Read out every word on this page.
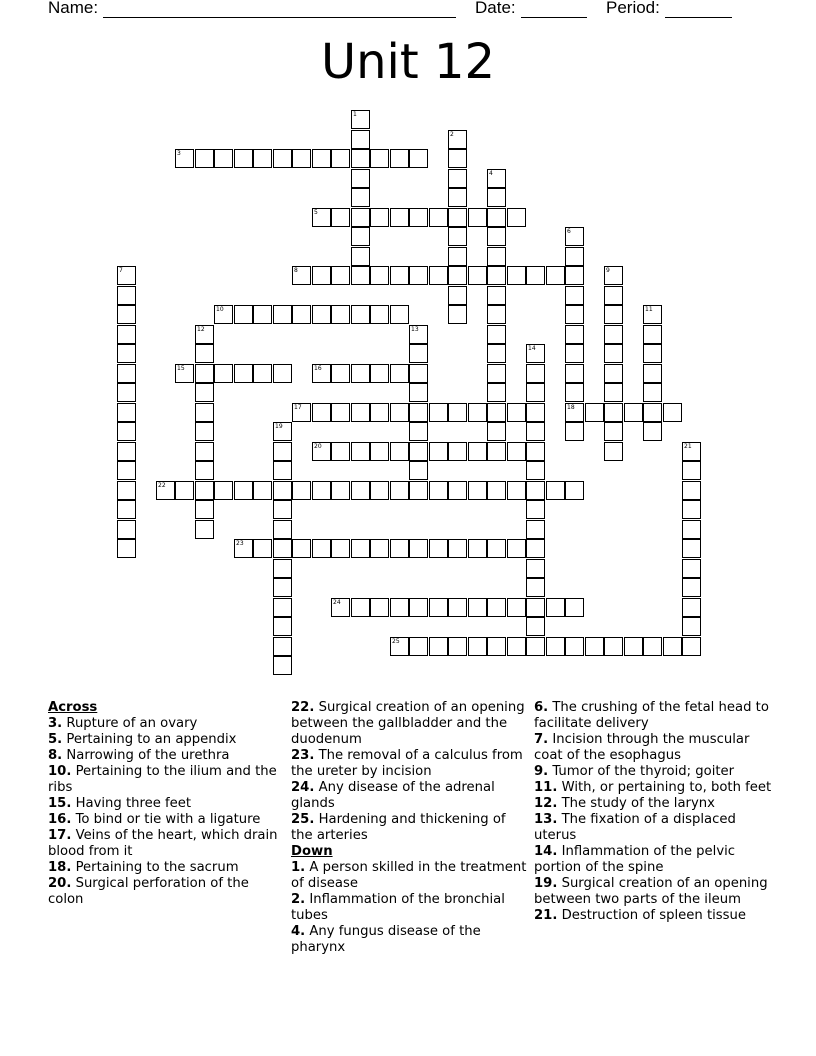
Name:	Date:	Period:
Unit 12
3
5
8
10
15	16
17	18
20
22
23
24
25
1
2
4
6
7	9
11
12	13
14
19
21

Across

3. Rupture of an ovary

5. Pertaining to an appendix

8. Narrowing of the urethra

10. Pertaining to the ilium and the ribs

15. Having three feet

16. To bind or tie with a ligature

17. Veins of the heart, which drain blood from it

18. Pertaining to the sacrum

20. Surgical perforation of the colon

22. Surgical creation of an opening between the gallbladder and the duodenum

23. The removal of a calculus from the ureter by incision

24. Any disease of the adrenal glands

25. Hardening and thickening of the arteries

Down

1. A person skilled in the treatment of disease

2. Inflammation of the bronchial tubes

4. Any fungus disease of the pharynx

6. The crushing of the fetal head to facilitate delivery

7. Incision through the muscular coat of the esophagus

9. Tumor of the thyroid; goiter

11. With, or pertaining to, both feet

12. The study of the larynx

13. The fixation of a displaced uterus

14. Inflammation of the pelvic portion of the spine

19. Surgical creation of an opening between two parts of the ileum

21. Destruction of spleen tissue
